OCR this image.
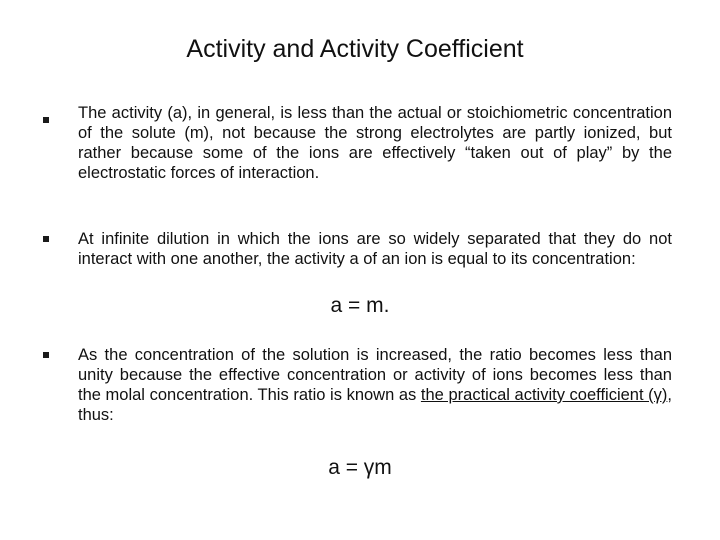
Activity and Activity Coefficient
The activity (a), in general, is less than the actual or stoichiometric concentration of the solute (m), not because the strong electrolytes are partly ionized, but rather because some of the ions are effectively “taken out of play” by the electrostatic forces of interaction.
At infinite dilution in which the ions are so widely separated that they do not interact with one another, the activity a of an ion is equal to its concentration:
a = m.
As the concentration of the solution is increased, the ratio becomes less than unity because the effective concentration or activity of ions becomes less than the molal concentration. This ratio is known as the practical activity coefficient (γ), thus:
a = γm
